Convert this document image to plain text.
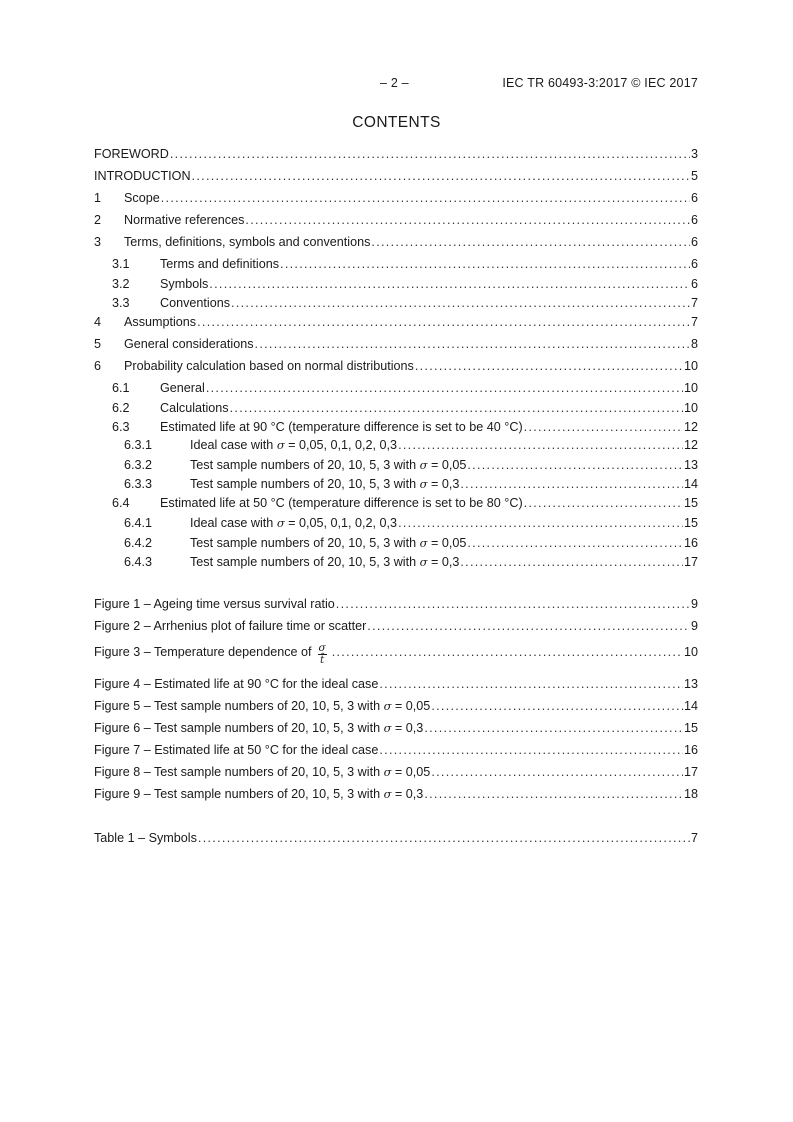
– 2 –	IEC TR 60493-3:2017 © IEC 2017
CONTENTS
FOREWORD .....	3
INTRODUCTION .....	5
1	Scope .....	6
2	Normative references .....	6
3	Terms, definitions, symbols and conventions .....	6
3.1	Terms and definitions .....	6
3.2	Symbols .....	6
3.3	Conventions .....	7
4	Assumptions .....	7
5	General considerations .....	8
6	Probability calculation based on normal distributions .....	10
6.1	General .....	10
6.2	Calculations .....	10
6.3	Estimated life at 90 °C (temperature difference is set to be 40 °C) .....	12
6.3.1	Ideal case with σ = 0,05, 0,1, 0,2, 0,3 .....	12
6.3.2	Test sample numbers of 20, 10, 5, 3 with σ = 0,05 .....	13
6.3.3	Test sample numbers of 20, 10, 5, 3 with σ = 0,3 .....	14
6.4	Estimated life at 50 °C (temperature difference is set to be 80 °C) .....	15
6.4.1	Ideal case with σ = 0,05, 0,1, 0,2, 0,3 .....	15
6.4.2	Test sample numbers of 20, 10, 5, 3 with σ = 0,05 .....	16
6.4.3	Test sample numbers of 20, 10, 5, 3 with σ = 0,3 .....	17
Figure 1 – Ageing time versus survival ratio .....	9
Figure 2 – Arrhenius plot of failure time or scatter .....	9
Figure 3 – Temperature dependence of $\frac{\sigma}{t̄}$ .....	10
Figure 4 – Estimated life at 90 °C for the ideal case .....	13
Figure 5 – Test sample numbers of 20, 10, 5, 3 with σ = 0,05 .....	14
Figure 6 – Test sample numbers of 20, 10, 5, 3 with σ = 0,3 .....	15
Figure 7 – Estimated life at 50 °C for the ideal case .....	16
Figure 8 – Test sample numbers of 20, 10, 5, 3 with σ = 0,05 .....	17
Figure 9 – Test sample numbers of 20, 10, 5, 3 with σ = 0,3 .....	18
Table 1 – Symbols .....	7
